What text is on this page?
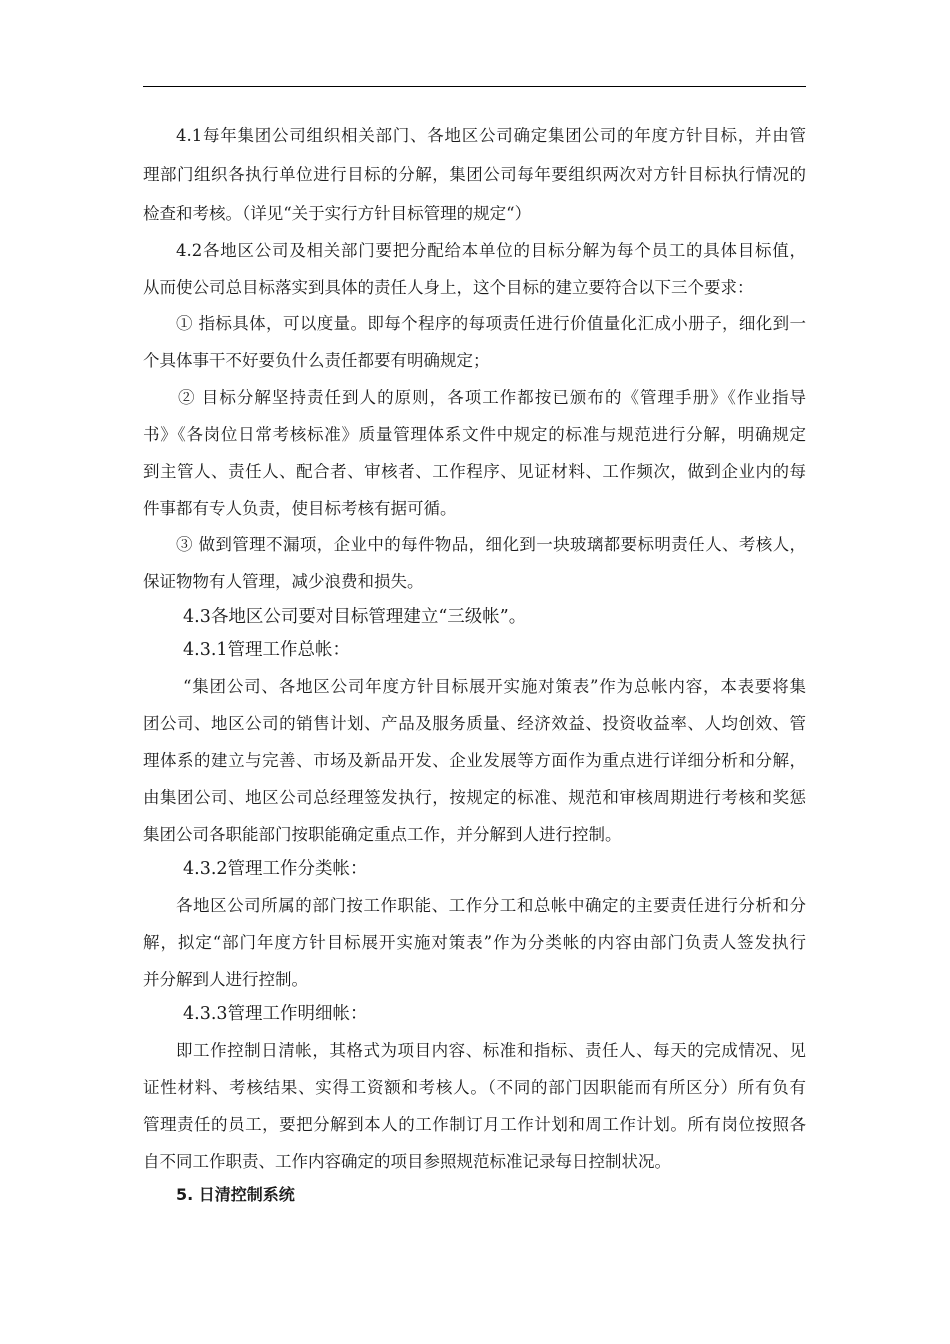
4.1每年集团公司组织相关部门、各地区公司确定集团公司的年度方针目标，并由管
理部门组织各执行单位进行目标的分解，集团公司每年要组织两次对方针目标执行情况的
检查和考核。（详见“关于实行方针目标管理的规定“）
4.2各地区公司及相关部门要把分配给本单位的目标分解为每个员工的具体目标值，
从而使公司总目标落实到具体的责任人身上，这个目标的建立要符合以下三个要求：
① 指标具体，可以度量。即每个程序的每项责任进行价值量化汇成小册子，细化到一
个具体事干不好要负什么责任都要有明确规定；
② 目标分解坚持责任到人的原则，各项工作都按已颁布的《管理手册》《作业指导
书》《各岗位日常考核标准》质量管理体系文件中规定的标准与规范进行分解，明确规定
到主管人、责任人、配合者、审核者、工作程序、见证材料、工作频次，做到企业内的每
件事都有专人负责，使目标考核有据可循。
③ 做到管理不漏项，企业中的每件物品，细化到一块玻璃都要标明责任人、考核人，
保证物物有人管理，减少浪费和损失。
4.3各地区公司要对目标管理建立“三级帐”。
4.3.1管理工作总帐：
“集团公司、各地区公司年度方针目标展开实施对策表”作为总帐内容，本表要将集
团公司、地区公司的销售计划、产品及服务质量、经济效益、投资收益率、人均创效、管
理体系的建立与完善、市场及新品开发、企业发展等方面作为重点进行详细分析和分解，
由集团公司、地区公司总经理签发执行，按规定的标准、规范和审核周期进行考核和奖惩
集团公司各职能部门按职能确定重点工作，并分解到人进行控制。
4.3.2管理工作分类帐：
各地区公司所属的部门按工作职能、工作分工和总帐中确定的主要责任进行分析和分
解，拟定“部门年度方针目标展开实施对策表”作为分类帐的内容由部门负责人签发执行
并分解到人进行控制。
4.3.3管理工作明细帐：
即工作控制日清帐，其格式为项目内容、标准和指标、责任人、每天的完成情况、见
证性材料、考核结果、实得工资额和考核人。（不同的部门因职能而有所区分）所有负有
管理责任的员工，要把分解到本人的工作制订月工作计划和周工作计划。所有岗位按照各
自不同工作职责、工作内容确定的项目参照规范标准记录每日控制状况。
5. 日清控制系统
